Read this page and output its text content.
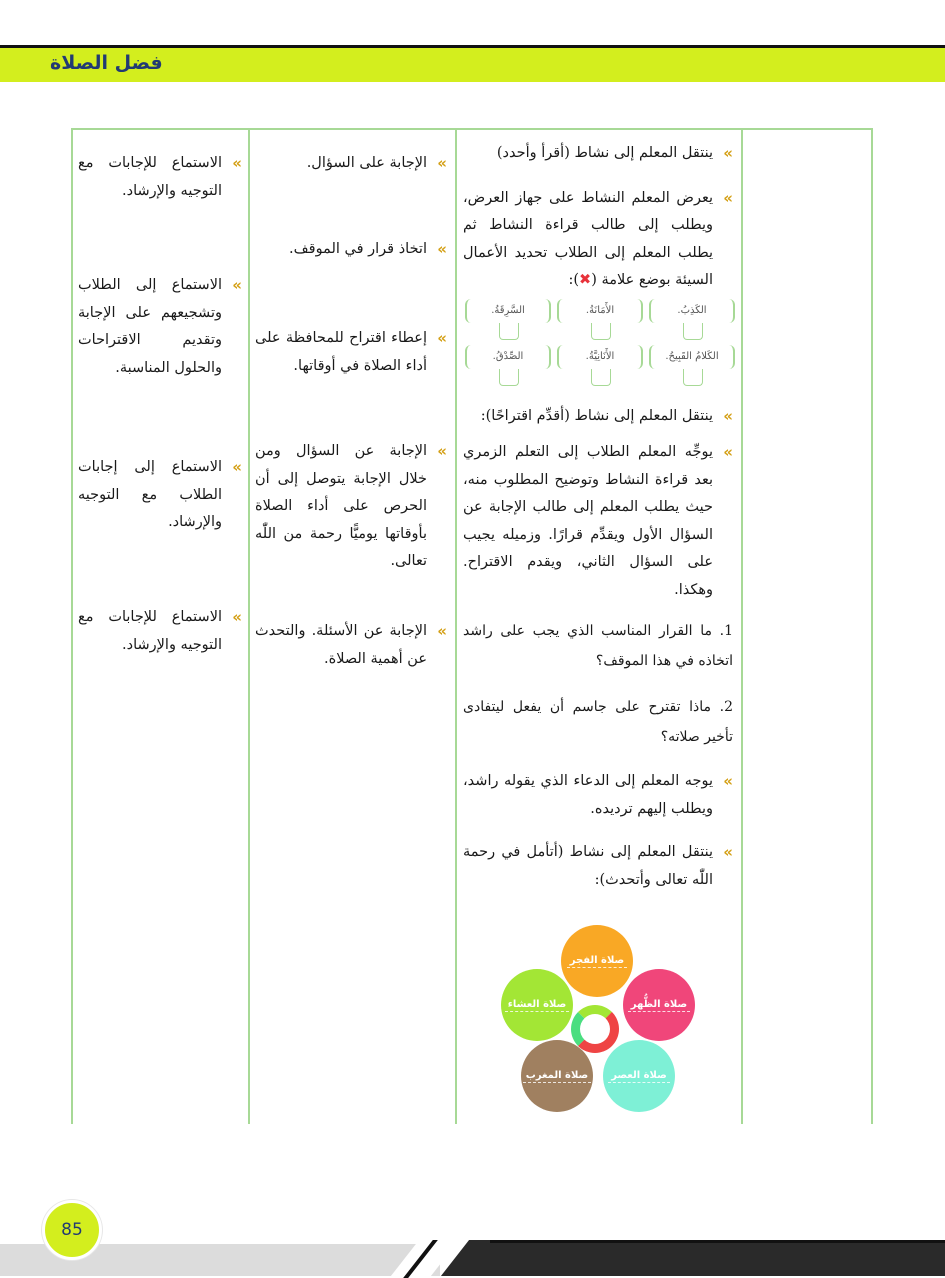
فضل الصلاة
»
ينتقل المعلم إلى نشاط (أقرأ وأحدد)
»
يعرض المعلم النشاط على جهاز العرض، ويطلب إلى طالب قراءة النشاط ثم يطلب المعلم إلى الطلاب تحديد الأعمال السيئة بوضع علامة (✖):
الكَذِبُ.
الأَمَانَةُ.
السَّرِقَةُ.
الكَلامُ القَبِيحُ.
الأَنَانِيَّةُ.
الصِّدْقُ.
»
ينتقل المعلم إلى نشاط (أقدِّم اقتراحًا):
»
يوجِّه المعلم الطلاب إلى التعلم الزمري بعد قراءة النشاط وتوضيح المطلوب منه، حيث يطلب المعلم إلى طالب الإجابة عن السؤال الأول ويقدِّم قرارًا. وزميله يجيب على السؤال الثاني، ويقدم الاقتراح. وهكذا.
1. ما القرار المناسب الذي يجب على راشد اتخاذه في هذا الموقف؟
2. ماذا تقترح على جاسم أن يفعل ليتفادى تأخير صلاته؟
»
يوجه المعلم إلى الدعاء الذي يقوله راشد، ويطلب إليهم ترديده.
»
ينتقل المعلم إلى نشاط (أتأمل في رحمة اللّٰه تعالى وأتحدث):
صلاة الفجر
صلاة الظُّهر
صلاة العصر
صلاة المغرب
صلاة العشاء
»
الإجابة على السؤال.
»
اتخاذ قرار في الموقف.
»
إعطاء اقتراح للمحافظة على أداء الصلاة في أوقاتها.
»
الإجابة عن السؤال ومن خلال الإجابة يتوصل إلى أن الحرص على أداء الصلاة بأوقاتها يوميًّا رحمة من اللّٰه تعالى.
»
الإجابة عن الأسئلة. والتحدث عن أهمية الصلاة.
»
الاستماع للإجابات مع التوجيه والإرشاد.
»
الاستماع إلى الطلاب وتشجيعهم على الإجابة وتقديم الاقتراحات والحلول المناسبة.
»
الاستماع إلى إجابات الطلاب مع التوجيه والإرشاد.
»
الاستماع للإجابات مع التوجيه والإرشاد.
85
